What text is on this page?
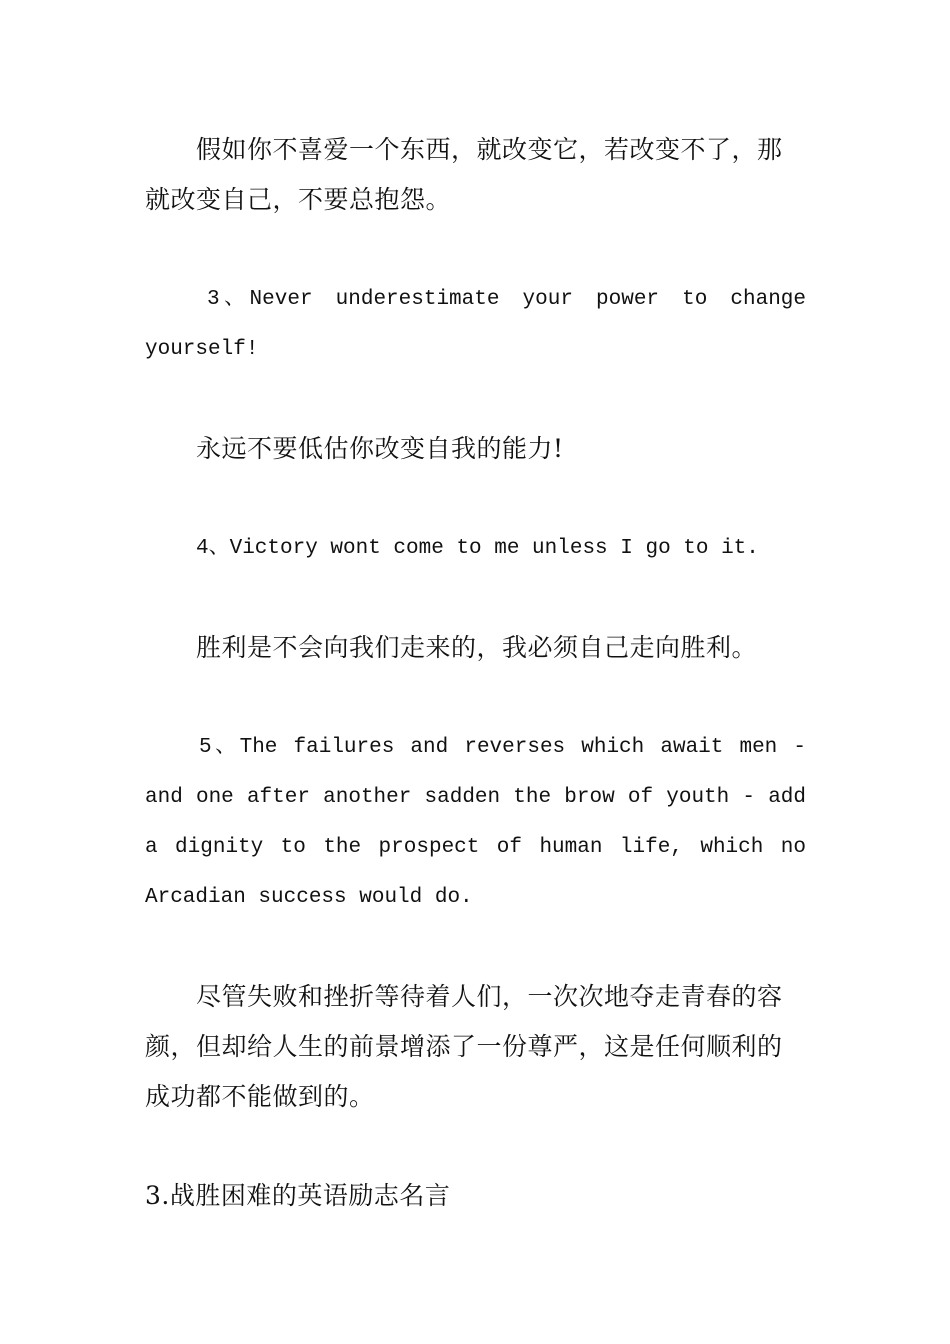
假如你不喜爱一个东西，就改变它，若改变不了，那就改变自己，不要总抱怨。

3、Never underestimate your power to change yourself!

永远不要低估你改变自我的能力!

4、Victory wont come to me unless I go to it.

胜利是不会向我们走来的，我必须自己走向胜利。

5、The failures and reverses which await men - and one after another sadden the brow of youth - add a dignity to the prospect of human life, which no Arcadian success would do.

尽管失败和挫折等待着人们，一次次地夺走青春的容颜，但却给人生的前景增添了一份尊严，这是任何顺利的成功都不能做到的。

3.战胜困难的英语励志名言
